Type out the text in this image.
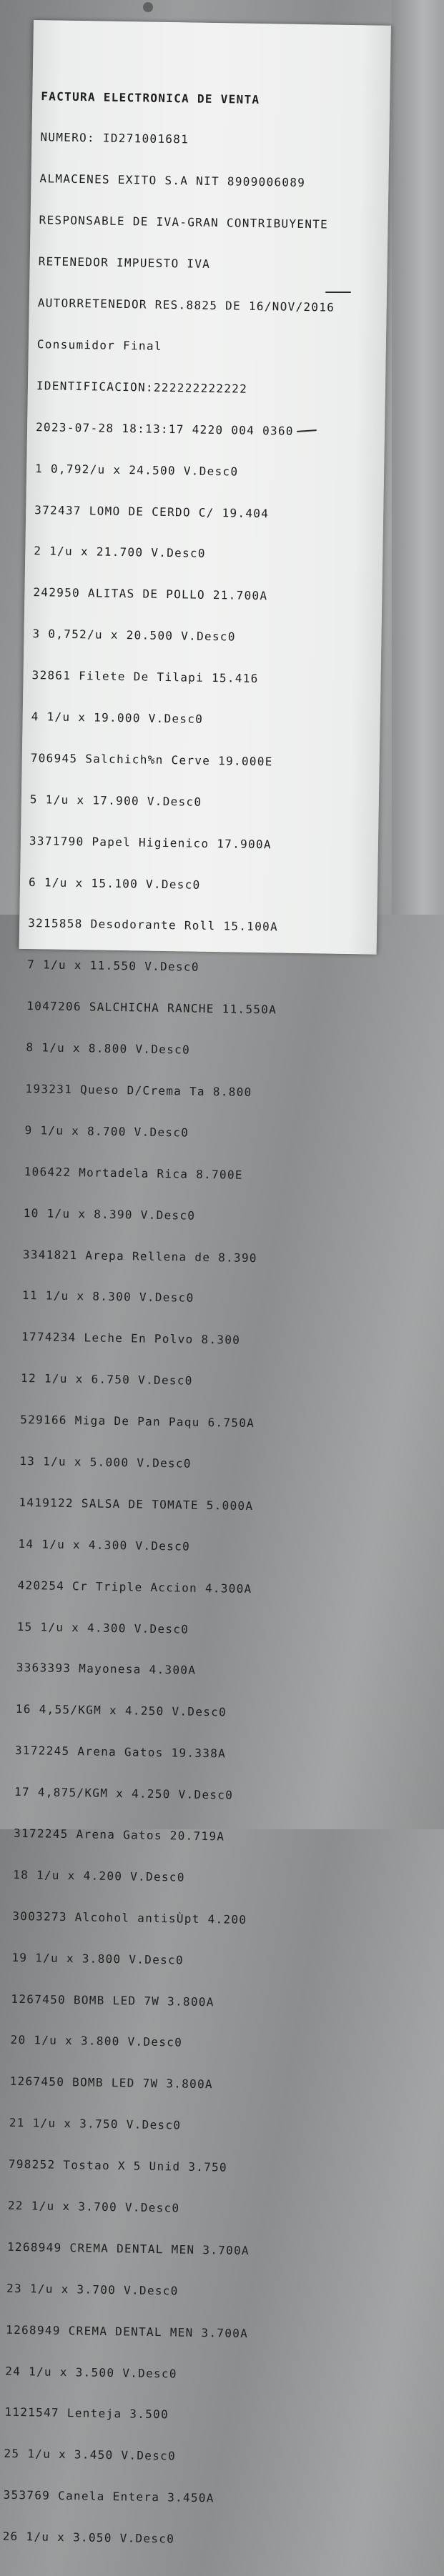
FACTURA ELECTRONICA DE VENTA

NUMERO: ID271001681

ALMACENES EXITO S.A NIT 8909006089

RESPONSABLE DE IVA-GRAN CONTRIBUYENTE

RETENEDOR IMPUESTO IVA

AUTORRETENEDOR RES.8825 DE 16/NOV/2016

Consumidor Final

IDENTIFICACION:222222222222

2023-07-28 18:13:17 4220 004 0360

1 0,792/u x 24.500 V.Desc0

372437 LOMO DE CERDO C/ 19.404

2 1/u x 21.700 V.Desc0

242950 ALITAS DE POLLO 21.700A

3 0,752/u x 20.500 V.Desc0

32861 Filete De Tilapi 15.416

4 1/u x 19.000 V.Desc0

706945 Salchich%n Cerve 19.000E

5 1/u x 17.900 V.Desc0

3371790 Papel Higienico 17.900A

6 1/u x 15.100 V.Desc0

3215858 Desodorante Roll 15.100A

7 1/u x 11.550 V.Desc0

1047206 SALCHICHA RANCHE 11.550A

8 1/u x 8.800 V.Desc0

193231 Queso D/Crema Ta 8.800

9 1/u x 8.700 V.Desc0

106422 Mortadela Rica 8.700E

10 1/u x 8.390 V.Desc0

3341821 Arepa Rellena de 8.390

11 1/u x 8.300 V.Desc0

1774234 Leche En Polvo 8.300

12 1/u x 6.750 V.Desc0

529166 Miga De Pan Paqu 6.750A

13 1/u x 5.000 V.Desc0

1419122 SALSA DE TOMATE 5.000A

14 1/u x 4.300 V.Desc0

420254 Cr Triple Accion 4.300A

15 1/u x 4.300 V.Desc0

3363393 Mayonesa 4.300A

16 4,55/KGM x 4.250 V.Desc0

3172245 Arena Gatos 19.338A

17 4,875/KGM x 4.250 V.Desc0

3172245 Arena Gatos 20.719A

18 1/u x 4.200 V.Desc0

3003273 Alcohol antisÙpt 4.200

19 1/u x 3.800 V.Desc0

1267450 BOMB LED 7W 3.800A

20 1/u x 3.800 V.Desc0

1267450 BOMB LED 7W 3.800A

21 1/u x 3.750 V.Desc0

798252 Tostao X 5 Unid 3.750

22 1/u x 3.700 V.Desc0

1268949 CREMA DENTAL MEN 3.700A

23 1/u x 3.700 V.Desc0

1268949 CREMA DENTAL MEN 3.700A

24 1/u x 3.500 V.Desc0

1121547 Lenteja 3.500

25 1/u x 3.450 V.Desc0

353769 Canela Entera 3.450A

26 1/u x 3.050 V.Desc0
